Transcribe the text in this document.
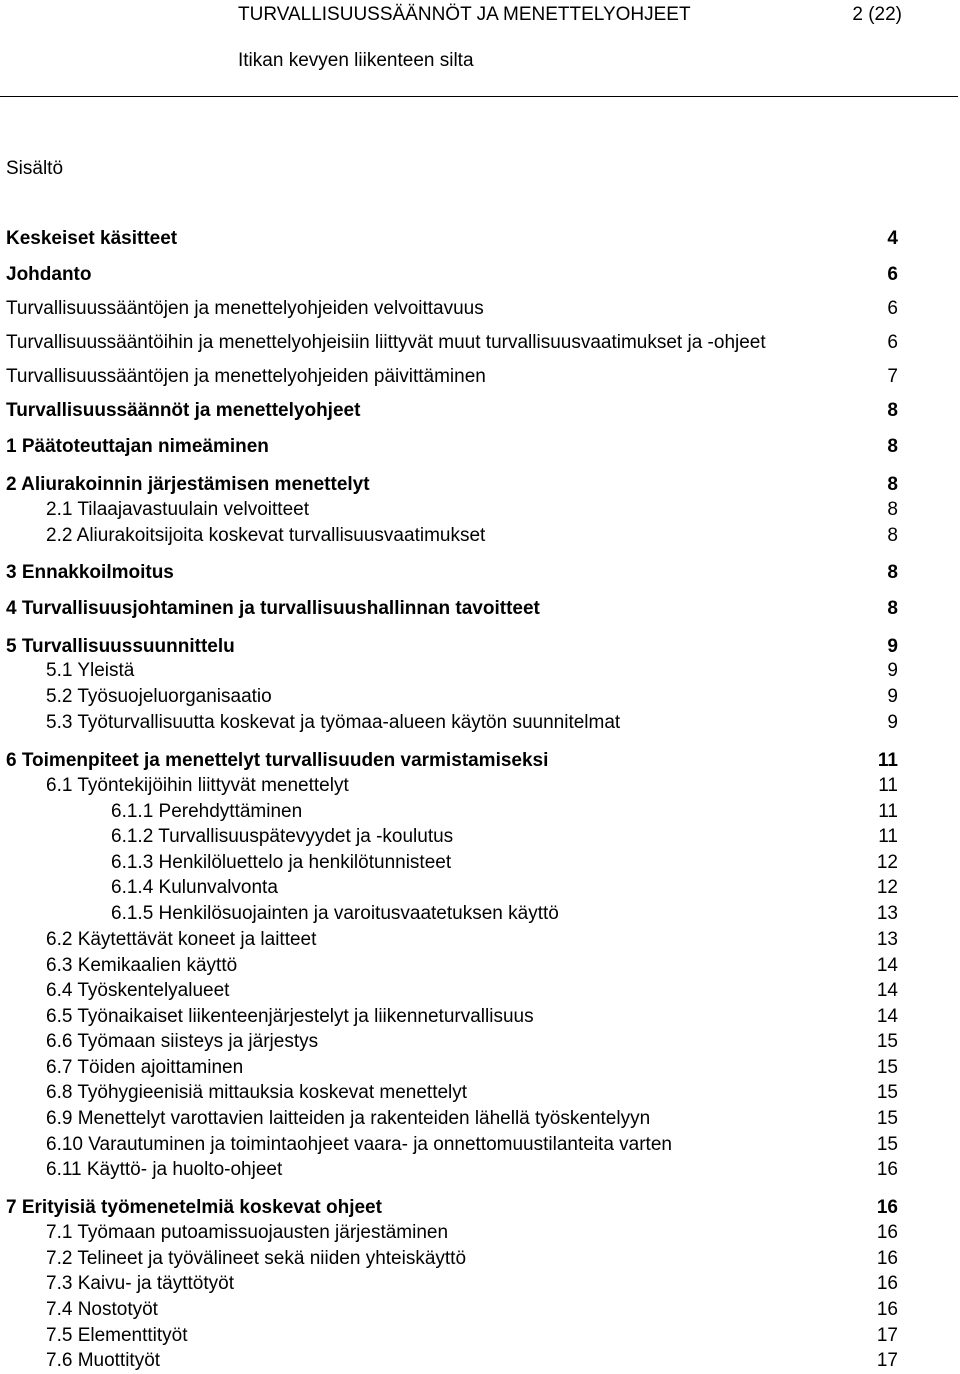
TURVALLISUUSSÄÄNNÖT JA MENETTELYOHJEET	2 (22)
Itikan kevyen liikenteen silta
Sisältö
Keskeiset käsitteet	4
Johdanto	6
Turvallisuussääntöjen ja menettelyohjeiden velvoittavuus	6
Turvallisuussääntöihin ja menettelyohjeisiin liittyvät muut turvallisuusvaatimukset ja -ohjeet	6
Turvallisuussääntöjen ja menettelyohjeiden päivittäminen	7
Turvallisuussäännöt ja menettelyohjeet	8
1 Päätoteuttajan nimeäminen	8
2 Aliurakoinnin järjestämisen menettelyt	8
2.1 Tilaajavastuulain velvoitteet	8
2.2 Aliurakoitsijoita koskevat turvallisuusvaatimukset	8
3 Ennakkoilmoitus	8
4 Turvallisuusjohtaminen ja turvallisuushallinnan tavoitteet	8
5 Turvallisuussuunnittelu	9
5.1 Yleistä	9
5.2 Työsuojeluorganisaatio	9
5.3 Työturvallisuutta koskevat ja työmaa-alueen käytön suunnitelmat	9
6 Toimenpiteet ja menettelyt turvallisuuden varmistamiseksi	11
6.1 Työntekijöihin liittyvät menettelyt	11
6.1.1 Perehdyttäminen	11
6.1.2 Turvallisuuspätevyydet ja -koulutus	11
6.1.3 Henkilöluettelo ja henkilötunnisteet	12
6.1.4 Kulunvalvonta	12
6.1.5 Henkilösuojainten ja varoitusvaatetuksen käyttö	13
6.2 Käytettävät koneet ja laitteet	13
6.3 Kemikaalien käyttö	14
6.4 Työskentelyalueet	14
6.5 Työnaikaiset liikenteenjärjestelyt ja liikenneturvallisuus	14
6.6 Työmaan siisteys ja järjestys	15
6.7 Töiden ajoittaminen	15
6.8 Työhygieenisiä mittauksia koskevat menettelyt	15
6.9 Menettelyt varottavien laitteiden ja rakenteiden lähellä työskentelyyn	15
6.10 Varautuminen ja toimintaohjeet vaara- ja onnettomuustilanteita varten	15
6.11 Käyttö- ja huolto-ohjeet	16
7 Erityisiä työmenetelmiä koskevat ohjeet	16
7.1 Työmaan putoamissuojausten järjestäminen	16
7.2 Telineet ja työvälineet sekä niiden yhteiskäyttö	16
7.3 Kaivu- ja täyttötyöt	16
7.4 Nostotyöt	16
7.5 Elementtityöt	17
7.6 Muottityöt	17
